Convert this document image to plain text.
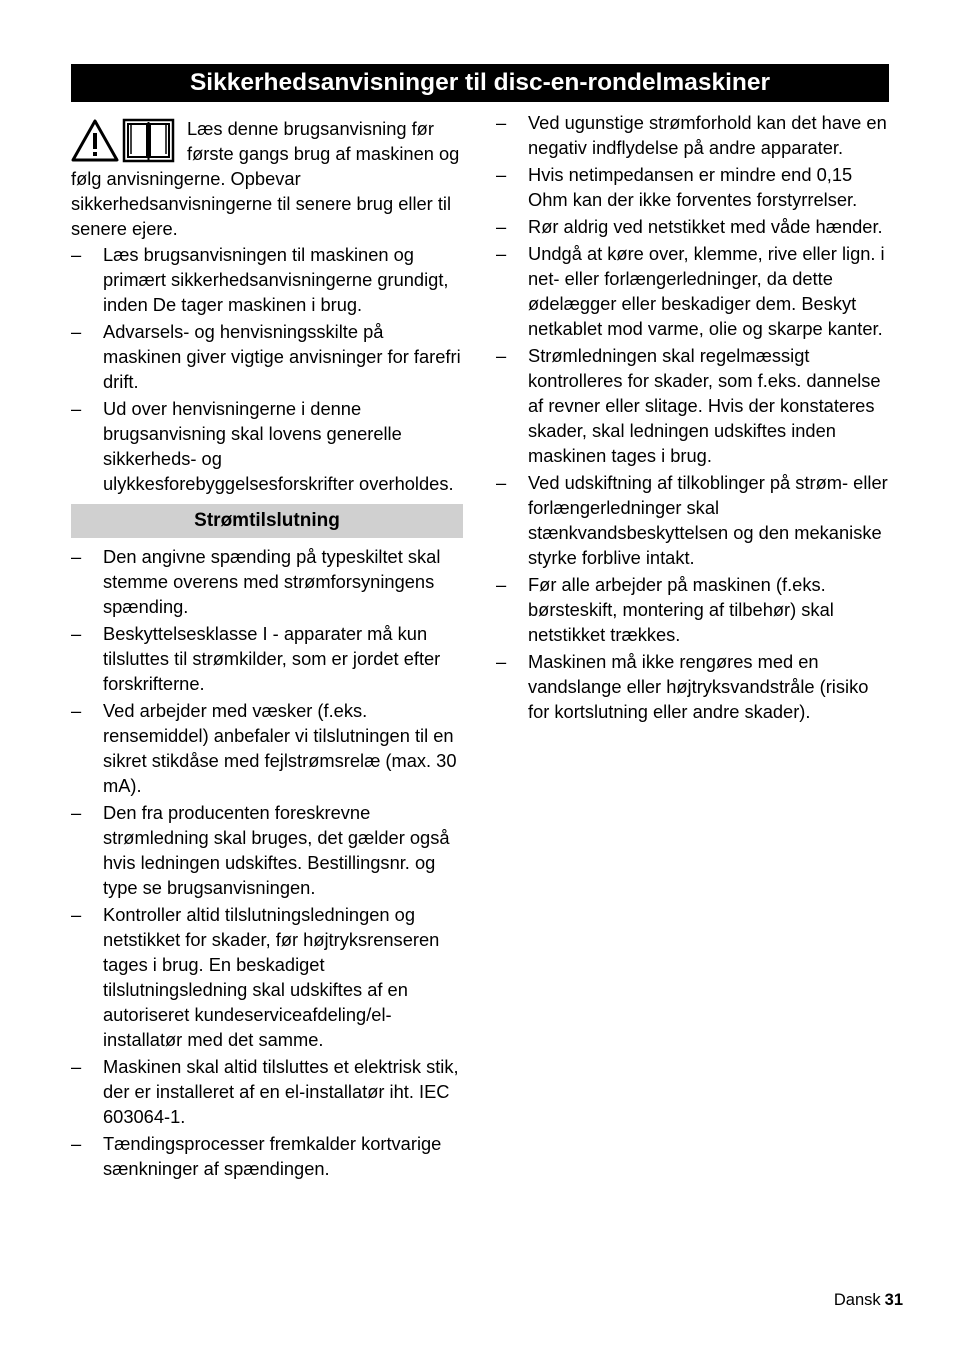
Sikkerhedsanvisninger til disc-en-rondelmaskiner
Læs denne brugsanvisning før første gangs brug af maskinen og følg anvisningerne. Opbevar sikkerhedsanvisningerne til senere brug eller til senere ejere.
– Læs brugsanvisningen til maskinen og primært sikkerhedsanvisningerne grundigt, inden De tager maskinen i brug.
– Advarsels- og henvisningsskilte på maskinen giver vigtige anvisninger for farefri drift.
– Ud over henvisningerne i denne brugsanvisning skal lovens generelle sikkerheds- og ulykkesforebyggelsesforskrifter overholdes.
Strømtilslutning
– Den angivne spænding på typeskiltet skal stemme overens med strømforsyningens spænding.
– Beskyttelsesklasse I - apparater må kun tilsluttes til strømkilder, som er jordet efter forskrifterne.
– Ved arbejder med væsker (f.eks. rensemiddel) anbefaler vi tilslutningen til en sikret stikdåse med fejlstrømsrelæ (max. 30 mA).
– Den fra producenten foreskrevne strømledning skal bruges, det gælder også hvis ledningen udskiftes. Bestillingsnr. og type se brugsanvisningen.
– Kontroller altid tilslutningsledningen og netstikket for skader, før højtryksrenseren tages i brug. En beskadiget tilslutningsledning skal udskiftes af en autoriseret kundeserviceafdeling/el-installatør med det samme.
– Maskinen skal altid tilsluttes et elektrisk stik, der er installeret af en el-installatør iht. IEC 603064-1.
– Tændingsprocesser fremkalder kortvarige sænkninger af spændingen.
– Ved ugunstige strømforhold kan det have en negativ indflydelse på andre apparater.
– Hvis netimpedansen er mindre end 0,15 Ohm kan der ikke forventes forstyrrelser.
– Rør aldrig ved netstikket med våde hænder.
– Undgå at køre over, klemme, rive eller lign. i net- eller forlængerledninger, da dette ødelægger eller beskadiger dem. Beskyt netkablet mod varme, olie og skarpe kanter.
– Strømledningen skal regelmæssigt kontrolleres for skader, som f.eks. dannelse af revner eller slitage. Hvis der konstateres skader, skal ledningen udskiftes inden maskinen tages i brug.
– Ved udskiftning af tilkoblinger på strøm- eller forlængerledninger skal stænkvandsbeskyttelsen og den mekaniske styrke forblive intakt.
– Før alle arbejder på maskinen (f.eks. børsteskift, montering af tilbehør) skal netstikket trækkes.
– Maskinen må ikke rengøres med en vandslange eller højtryksvandstråle (risiko for kortslutning eller andre skader).
Dansk 31
